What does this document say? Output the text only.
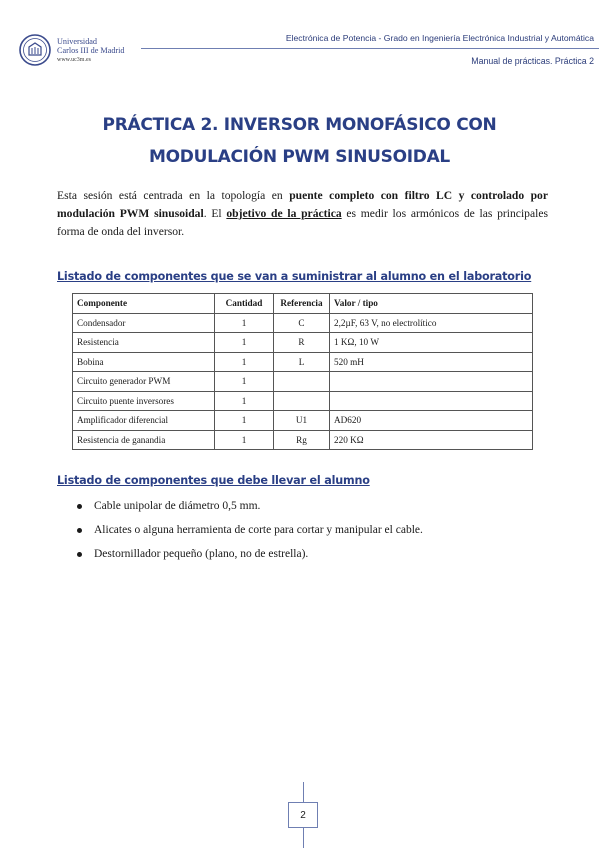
Universidad
Carlos III de Madrid
www.uc3m.es
Electrónica de Potencia - Grado en Ingeniería Electrónica Industrial y Automática
Manual de prácticas. Práctica 2
PRÁCTICA 2. INVERSOR MONOFÁSICO CON
MODULACIÓN PWM SINUSOIDAL
Esta sesión está centrada en la topología en puente completo con filtro LC y controlado por modulación PWM sinusoidal. El objetivo de la práctica es medir los armónicos de las principales forma de onda del inversor.
Listado de componentes que se van a suministrar al alumno en el laboratorio
Componente	Cantidad	Referencia	Valor / tipo
Condensador	1	C	2,2µF, 63 V, no electrolítico
Resistencia	1	R	1 KΩ, 10 W
Bobina	1	L	520 mH
Circuito generador PWM	1		
Circuito puente inversores	1		
Amplificador diferencial	1	U1	AD620
Resistencia de ganandia	1	Rg	220 KΩ
Listado de componentes que debe llevar el alumno
Cable unipolar de diámetro 0,5 mm.
Alicates o alguna herramienta de corte para cortar y manipular el cable.
Destornillador pequeño (plano, no de estrella).
2
